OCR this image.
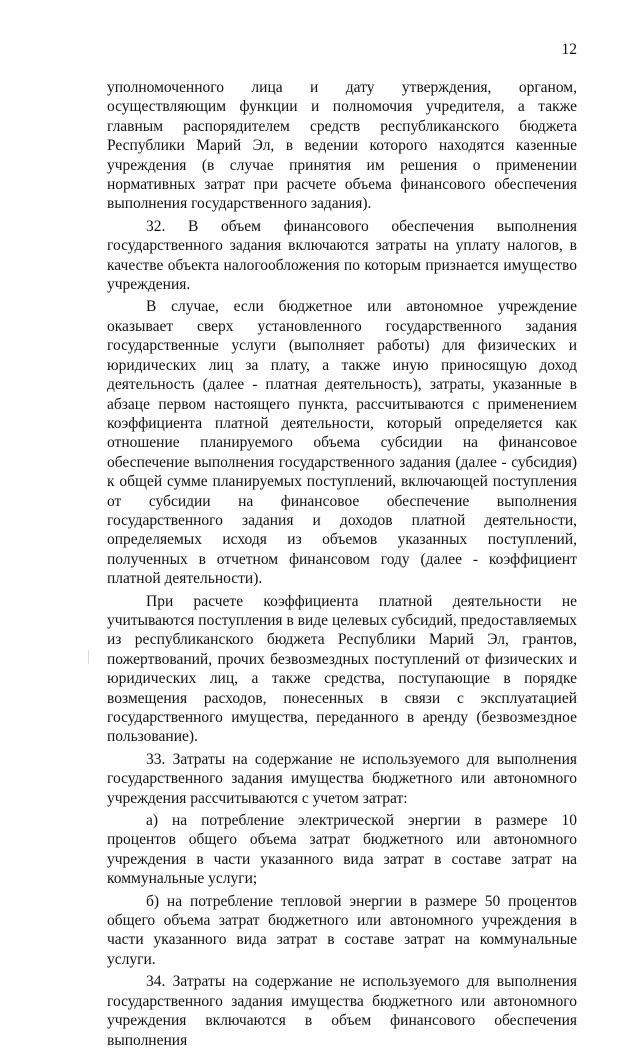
12

уполномоченного лица и дату утверждения, органом, осуществляющим функции и полномочия учредителя, а также главным распорядителем средств республиканского бюджета Республики Марий Эл, в ведении которого находятся казенные учреждения (в случае принятия им решения о применении нормативных затрат при расчете объема финансового обеспечения выполнения государственного задания).

32. В объем финансового обеспечения выполнения государственного задания включаются затраты на уплату налогов, в качестве объекта налогообложения по которым признается имущество учреждения.

В случае, если бюджетное или автономное учреждение оказывает сверх установленного государственного задания государственные услуги (выполняет работы) для физических и юридических лиц за плату, а также иную приносящую доход деятельность (далее - платная деятельность), затраты, указанные в абзаце первом настоящего пункта, рассчитываются с применением коэффициента платной деятельности, который определяется как отношение планируемого объема субсидии на финансовое обеспечение выполнения государственного задания (далее - субсидия) к общей сумме планируемых поступлений, включающей поступления от субсидии на финансовое обеспечение выполнения государственного задания и доходов платной деятельности, определяемых исходя из объемов указанных поступлений, полученных в отчетном финансовом году (далее - коэффициент платной деятельности).

При расчете коэффициента платной деятельности не учитываются поступления в виде целевых субсидий, предоставляемых из республиканского бюджета Республики Марий Эл, грантов, пожертвований, прочих безвозмездных поступлений от физических и юридических лиц, а также средства, поступающие в порядке возмещения расходов, понесенных в связи с эксплуатацией государственного имущества, переданного в аренду (безвозмездное пользование).

33. Затраты на содержание не используемого для выполнения государственного задания имущества бюджетного или автономного учреждения рассчитываются с учетом затрат:

а) на потребление электрической энергии в размере 10 процентов общего объема затрат бюджетного или автономного учреждения в части указанного вида затрат в составе затрат на коммунальные услуги;

б) на потребление тепловой энергии в размере 50 процентов общего объема затрат бюджетного или автономного учреждения в части указанного вида затрат в составе затрат на коммунальные услуги.

34. Затраты на содержание не используемого для выполнения государственного задания имущества бюджетного или автономного учреждения включаются в объем финансового обеспечения выполнения
